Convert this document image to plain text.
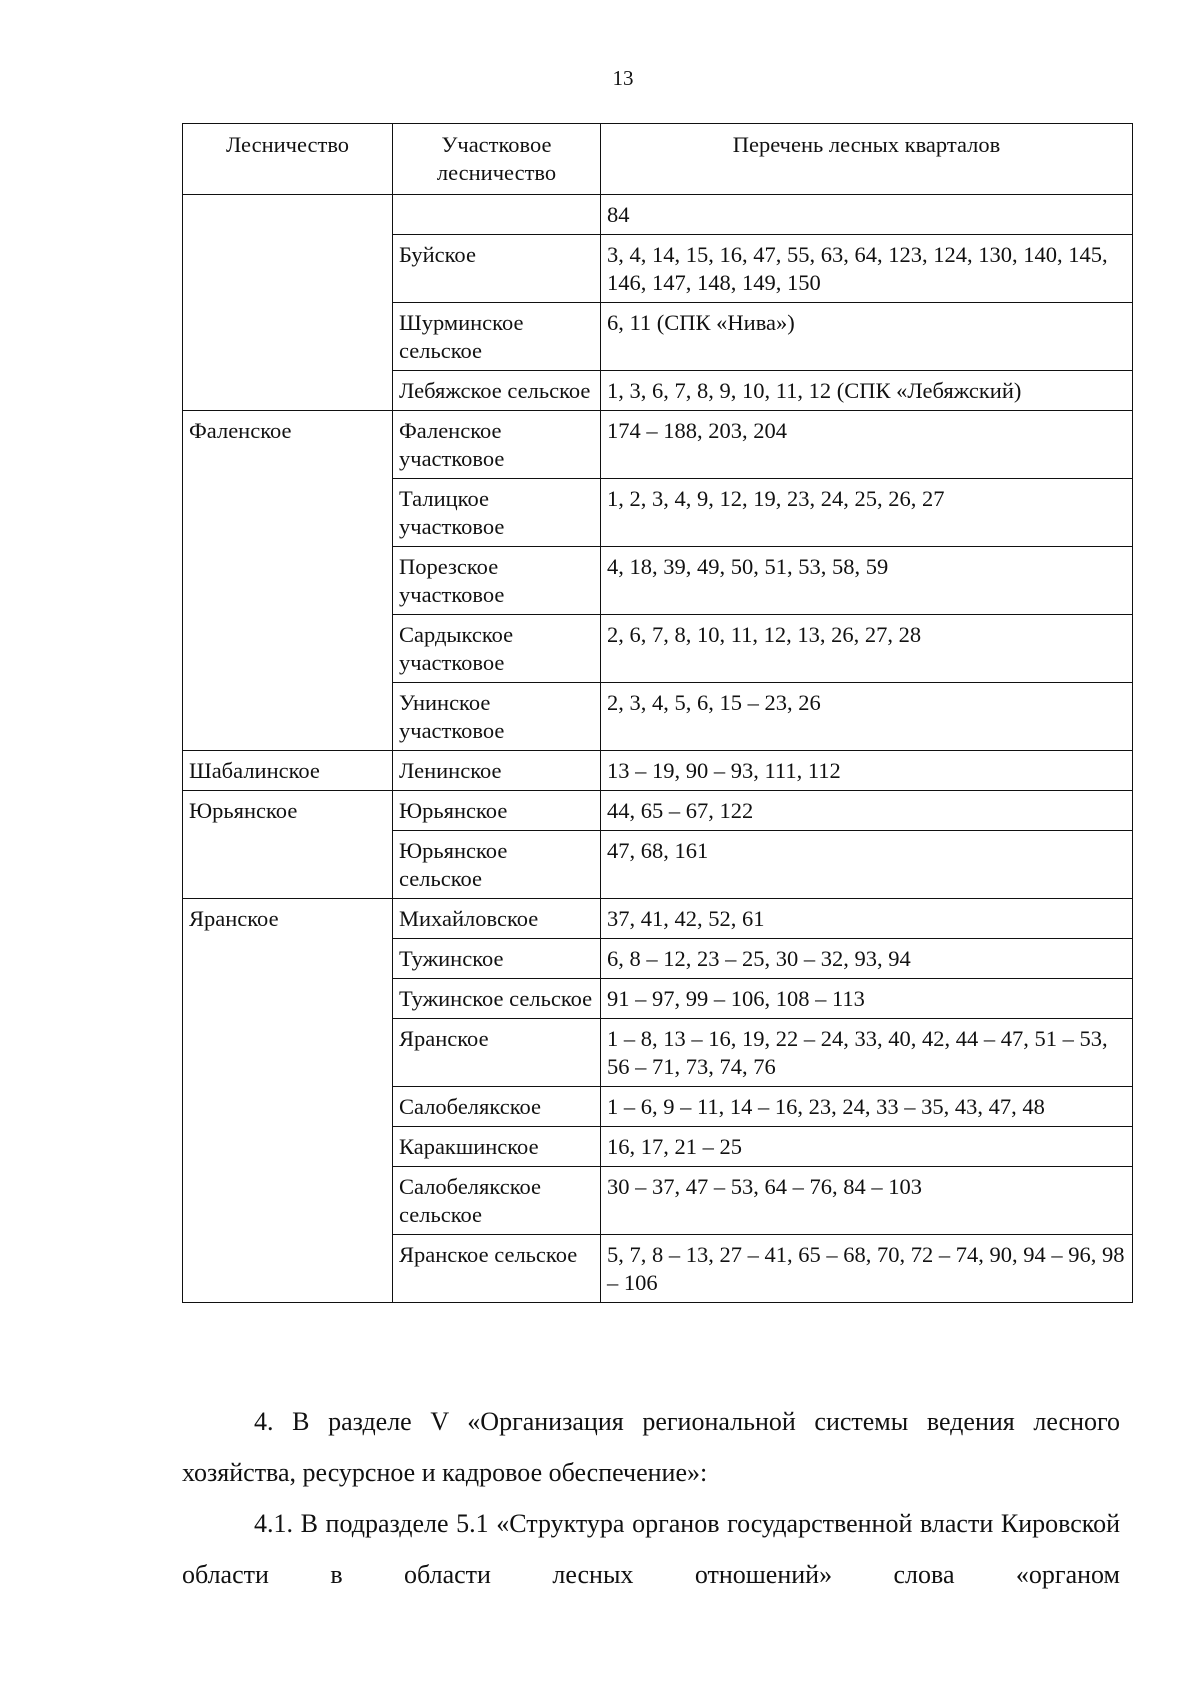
13
Лесничество	Участковое лесничество	Перечень лесных кварталов
		84
	Буйское	3, 4, 14, 15, 16, 47, 55, 63, 64, 123, 124, 130, 140, 145, 146, 147, 148, 149, 150
	Шурминское сельское	6, 11 (СПК «Нива»)
	Лебяжское сельское	1, 3, 6, 7, 8, 9, 10, 11, 12 (СПК «Лебяжский)
Фаленское	Фаленское участковое	174 – 188, 203, 204
	Талицкое участковое	1, 2, 3, 4, 9, 12, 19, 23, 24, 25, 26, 27
	Порезское участковое	4, 18, 39, 49, 50, 51, 53, 58, 59
	Сардыкское участковое	2, 6, 7, 8, 10, 11, 12, 13, 26, 27, 28
	Унинское участковое	2, 3, 4, 5, 6, 15 – 23, 26
Шабалинское	Ленинское	13 – 19, 90 – 93, 111, 112
Юрьянское	Юрьянское	44, 65 – 67, 122
	Юрьянское сельское	47, 68, 161
Яранское	Михайловское	37, 41, 42, 52, 61
	Тужинское	6, 8 – 12, 23 – 25, 30 – 32, 93, 94
	Тужинское сельское	91 – 97, 99 – 106, 108 – 113
	Яранское	1 – 8, 13 – 16, 19, 22 – 24, 33, 40, 42, 44 – 47, 51 – 53, 56 – 71, 73, 74, 76
	Салобелякское	1 – 6, 9 – 11, 14 – 16, 23, 24, 33 – 35, 43, 47, 48
	Каракшинское	16, 17, 21 – 25
	Салобелякское сельское	30 – 37, 47 – 53, 64 – 76, 84 – 103
	Яранское сельское	5, 7, 8 – 13, 27 – 41, 65 – 68, 70, 72 – 74, 90, 94 – 96, 98 – 106
4. В разделе V «Организация региональной системы ведения лесного хозяйства, ресурсное и кадровое обеспечение»:
4.1. В подразделе 5.1 «Структура органов государственной власти Кировской области в области лесных отношений» слова «органом
